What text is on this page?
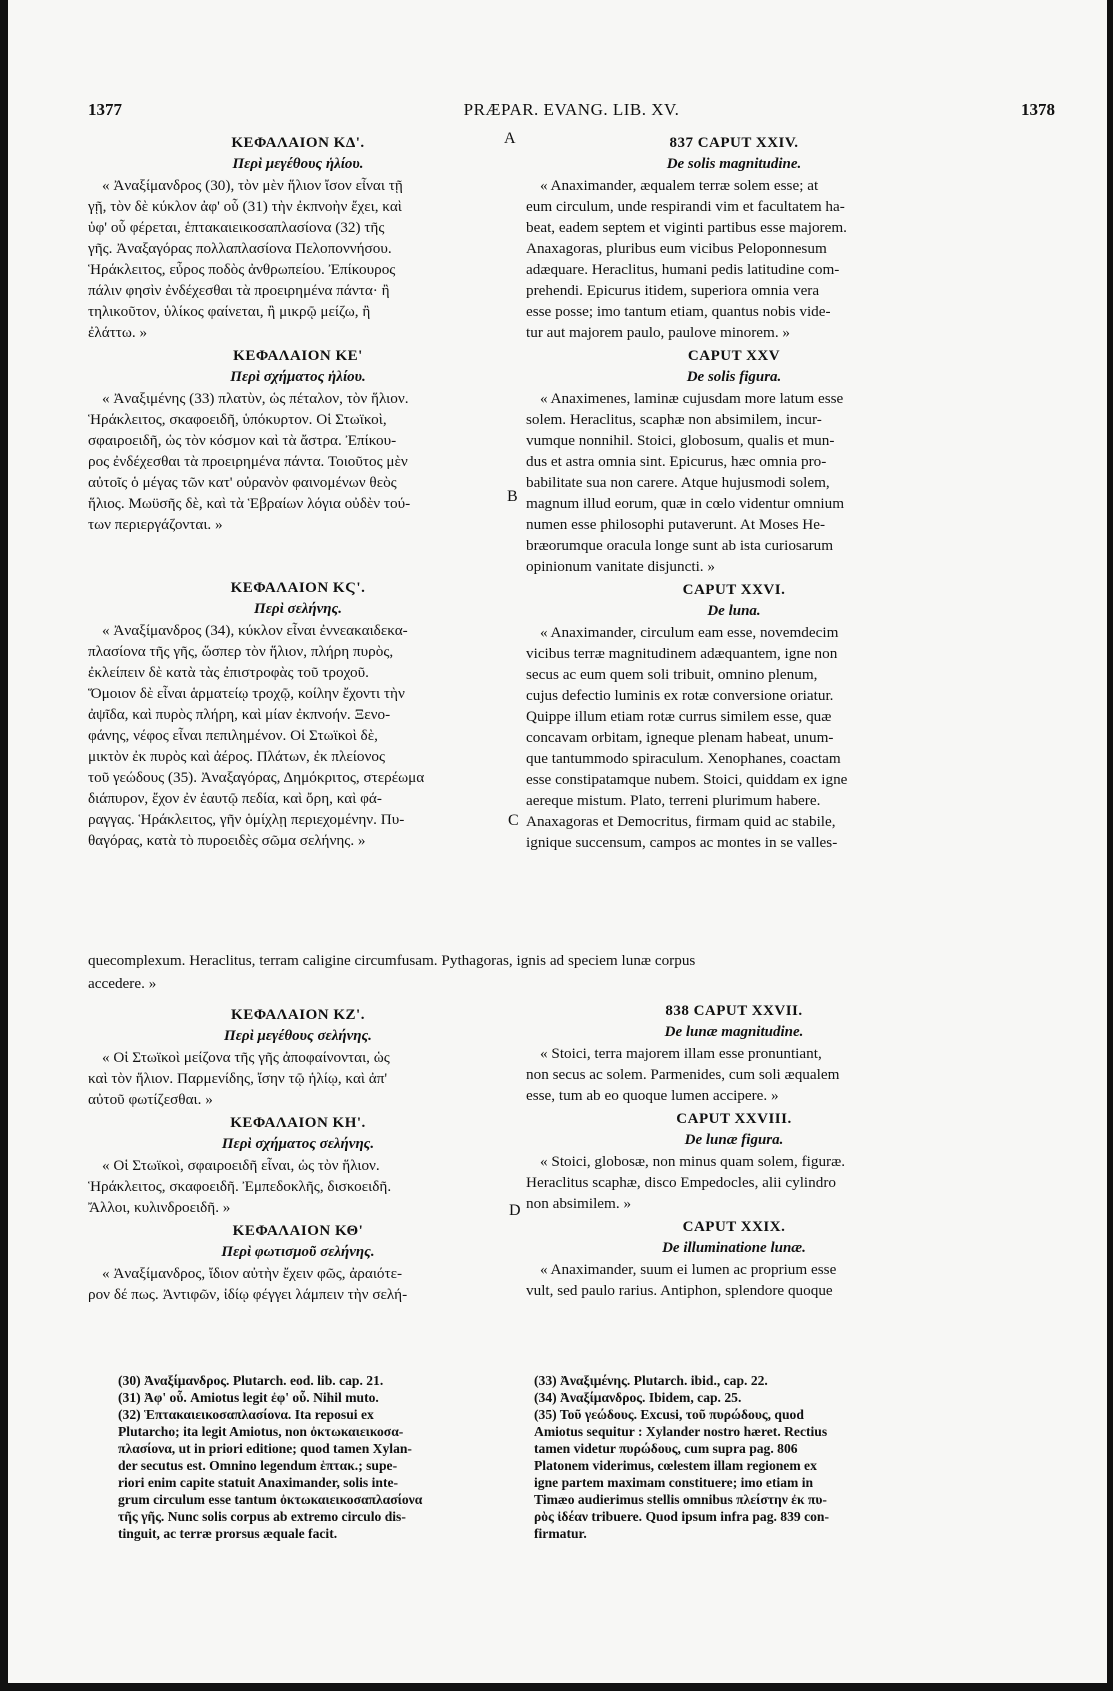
1377	PRÆPAR. EVANG. LIB. XV.	1378
A
B
C
D
ΚΕΦΑΛΑΙΟΝ ΚΔ'.
Περὶ μεγέθους ἡλίου.
« Ἀναξίμανδρος (30), τὸν μὲν ἥλιον ἴσον εἶναι τῇ
γῇ, τὸν δὲ κύκλον ἀφ' οὗ (31) τὴν ἐκπνοὴν ἔχει, καὶ
ὑφ' οὗ φέρεται, ἑπτακαιεικοσαπλασίονα (32) τῆς
γῆς. Ἀναξαγόρας πολλαπλασίονα Πελοποννήσου.
Ἡράκλειτος, εὖρος ποδὸς ἀνθρωπείου. Ἐπίκουρος
πάλιν φησὶν ἐνδέχεσθαι τὰ προειρημένα πάντα· ἢ
τηλικοῦτον, ὑλίκος φαίνεται, ἢ μικρῷ μείζω, ἢ
ἐλάττω. »
ΚΕΦΑΛΑΙΟΝ ΚΕ'
Περὶ σχήματος ἡλίου.
« Ἀναξιμένης (33) πλατὺν, ὡς πέταλον, τὸν ἥλιον.
Ἡράκλειτος, σκαφοειδῆ, ὑπόκυρτον. Οἱ Στωϊκοὶ,
σφαιροειδῆ, ὡς τὸν κόσμον καὶ τὰ ἄστρα. Ἐπίκου-
ρος ἐνδέχεσθαι τὰ προειρημένα πάντα. Τοιοῦτος μὲν
αὐτοῖς ὁ μέγας τῶν κατ' οὐρανὸν φαινομένων θεὸς
ἥλιος. Μωϋσῆς δὲ, καὶ τὰ Ἑβραίων λόγια οὐδὲν τού-
των περιεργάζονται. »
ΚΕΦΑΛΑΙΟΝ ΚϚ'.
Περὶ σελήνης.
« Ἀναξίμανδρος (34), κύκλον εἶναι ἐννεακαιδεκα-
πλασίονα τῆς γῆς, ὥσπερ τὸν ἥλιον, πλήρη πυρὸς,
ἐκλείπειν δὲ κατὰ τὰς ἐπιστροφὰς τοῦ τροχοῦ.
Ὅμοιον δὲ εἶναι ἁρματείῳ τροχῷ, κοίλην ἔχοντι τὴν
ἀψῖδα, καὶ πυρὸς πλήρη, καὶ μίαν ἐκπνοήν. Ξενο-
φάνης, νέφος εἶναι πεπιλημένον. Οἱ Στωϊκοὶ δὲ,
μικτὸν ἐκ πυρὸς καὶ ἀέρος. Πλάτων, ἐκ πλείονος
τοῦ γεώδους (35). Ἀναξαγόρας, Δημόκριτος, στερέωμα
διάπυρον, ἔχον ἐν ἑαυτῷ πεδία, καὶ ὄρη, καὶ φά-
ραγγας. Ἡράκλειτος, γῆν ὁμίχλῃ περιεχομένην. Πυ-
θαγόρας, κατὰ τὸ πυροειδὲς σῶμα σελήνης. »
837 CAPUT XXIV.
De solis magnitudine.
« Anaximander, æqualem terræ solem esse; at
eum circulum, unde respirandi vim et facultatem ha-
beat, eadem septem et viginti partibus esse majorem.
Anaxagoras, pluribus eum vicibus Peloponnesum
adæquare. Heraclitus, humani pedis latitudine com-
prehendi. Epicurus itidem, superiora omnia vera
esse posse; imo tantum etiam, quantus nobis vide-
tur aut majorem paulo, paulove minorem. »
CAPUT XXV
De solis figura.
« Anaximenes, laminæ cujusdam more latum esse
solem. Heraclitus, scaphæ non absimilem, incur-
vumque nonnihil. Stoici, globosum, qualis et mun-
dus et astra omnia sint. Epicurus, hæc omnia pro-
babilitate sua non carere. Atque hujusmodi solem,
magnum illud eorum, quæ in cœlo videntur omnium
numen esse philosophi putaverunt. At Moses He-
bræorumque oracula longe sunt ab ista curiosarum
opinionum vanitate disjuncti. »
CAPUT XXVI.
De luna.
« Anaximander, circulum eam esse, novemdecim
vicibus terræ magnitudinem adæquantem, igne non
secus ac eum quem soli tribuit, omnino plenum,
cujus defectio luminis ex rotæ conversione oriatur.
Quippe illum etiam rotæ currus similem esse, quæ
concavam orbitam, igneque plenam habeat, unum-
que tantummodo spiraculum. Xenophanes, coactam
esse constipatamque nubem. Stoici, quiddam ex igne
aereque mistum. Plato, terreni plurimum habere.
Anaxagoras et Democritus, firmam quid ac stabile,
ignique succensum, campos ac montes in se valles-
quecomplexum. Heraclitus, terram caligine circumfusam. Pythagoras, ignis ad speciem lunæ corpus
accedere. »
ΚΕΦΑΛΑΙΟΝ ΚΖ'.
Περὶ μεγέθους σελήνης.
« Οἱ Στωϊκοὶ μείζονα τῆς γῆς ἀποφαίνονται, ὡς
καὶ τὸν ἥλιον. Παρμενίδης, ἴσην τῷ ἡλίῳ, καὶ ἀπ'
αὐτοῦ φωτίζεσθαι. »
ΚΕΦΑΛΑΙΟΝ ΚΗ'.
Περὶ σχήματος σελήνης.
« Οἱ Στωϊκοὶ, σφαιροειδῆ εἶναι, ὡς τὸν ἥλιον.
Ἡράκλειτος, σκαφοειδῆ. Ἐμπεδοκλῆς, δισκοειδῆ.
Ἄλλοι, κυλινδροειδῆ. »
ΚΕΦΑΛΑΙΟΝ ΚΘ'
Περὶ φωτισμοῦ σελήνης.
« Ἀναξίμανδρος, ἴδιον αὐτὴν ἔχειν φῶς, ἀραιότε-
ρον δέ πως. Ἀντιφῶν, ἰδίῳ φέγγει λάμπειν τὴν σελή-
838 CAPUT XXVII.
De lunæ magnitudine.
« Stoici, terra majorem illam esse pronuntiant,
non secus ac solem. Parmenides, cum soli æqualem
esse, tum ab eo quoque lumen accipere. »
CAPUT XXVIII.
De lunæ figura.
« Stoici, globosæ, non minus quam solem, figuræ.
Heraclitus scaphæ, disco Empedocles, alii cylindro
non absimilem. »
CAPUT XXIX.
De illuminatione lunæ.
« Anaximander, suum ei lumen ac proprium esse
vult, sed paulo rarius. Antiphon, splendore quoque
(30) Ἀναξίμανδρος. Plutarch. eod. lib. cap. 21.
(31) Ἀφ' οὗ. Amiotus legit ἐφ' οὗ. Nihil muto.
(32) Ἑπτακαιεικοσαπλασίονα. Ita reposui ex
Plutarcho; ita legit Amiotus, non ὀκτωκαιεικοσα-
πλασίονα, ut in priori editione; quod tamen Xylan-
der secutus est. Omnino legendum ἑπτακ.; supe-
riori enim capite statuit Anaximander, solis inte-
grum circulum esse tantum ὀκτωκαιεικοσαπλασίονα
τῆς γῆς. Nunc solis corpus ab extremo circulo dis-
tinguit, ac terræ prorsus æquale facit.
(33) Ἀναξιμένης. Plutarch. ibid., cap. 22.
(34) Ἀναξίμανδρος. Ibidem, cap. 25.
(35) Τοῦ γεώδους. Excusi, τοῦ πυρώδους, quod
Amiotus sequitur : Xylander nostro hæret. Rectius
tamen videtur πυρώδους, cum supra pag. 806
Platonem viderimus, cœlestem illam regionem ex
igne partem maximam constituere; imo etiam in
Timæo audierimus stellis omnibus πλείστην ἐκ πυ-
ρὸς ἰδέαν tribuere. Quod ipsum infra pag. 839 con-
firmatur.
